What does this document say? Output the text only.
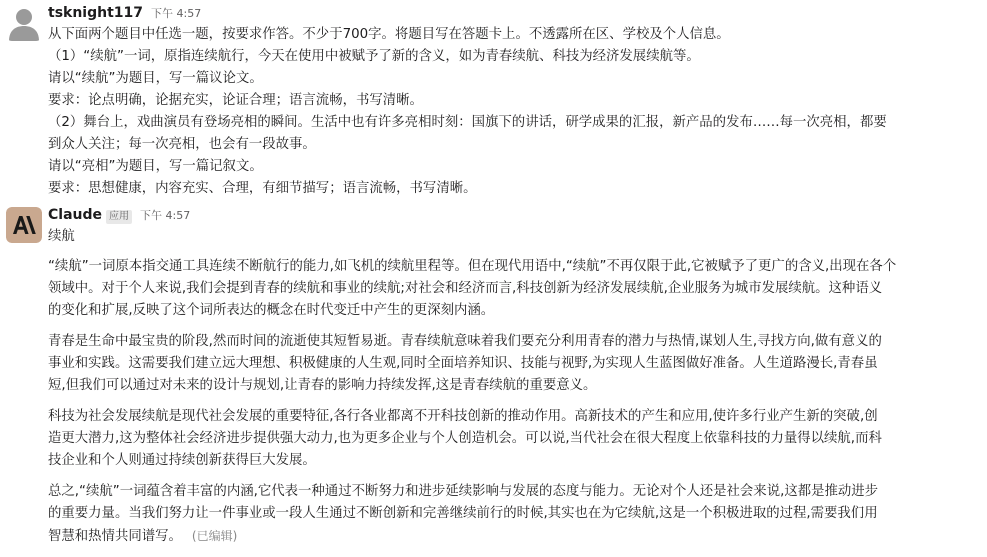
tsknight117 下午 4:57
从下面两个题目中任选一题，按要求作答。不少于700字。将题目写在答题卡上。不透露所在区、学校及个人信息。
（1）“续航”一词，原指连续航行，今天在使用中被赋予了新的含义，如为青春续航、科技为经济发展续航等。
请以“续航”为题目，写一篇议论文。
要求：论点明确，论据充实，论证合理；语言流畅，书写清晰。
（2）舞台上，戏曲演员有登场亮相的瞬间。生活中也有许多亮相时刻：国旗下的讲话，研学成果的汇报，新产品的发布……每一次亮相，都要
到众人关注；每一次亮相，也会有一段故事。
请以“亮相”为题目，写一篇记叙文。
要求：思想健康，内容充实、合理，有细节描写；语言流畅，书写清晰。
Claude 应用 下午 4:57
续航
“续航”一词原本指交通工具连续不断航行的能力,如飞机的续航里程等。但在现代用语中,“续航”不再仅限于此,它被赋予了更广的含义,出现在各个
领域中。对于个人来说,我们会提到青春的续航和事业的续航;对社会和经济而言,科技创新为经济发展续航,企业服务为城市发展续航。这种语义
的变化和扩展,反映了这个词所表达的概念在时代变迁中产生的更深刻内涵。
青春是生命中最宝贵的阶段,然而时间的流逝使其短暂易逝。青春续航意味着我们要充分利用青春的潜力与热情,谋划人生,寻找方向,做有意义的
事业和实践。这需要我们建立远大理想、积极健康的人生观,同时全面培养知识、技能与视野,为实现人生蓝图做好准备。人生道路漫长,青春虽
短,但我们可以通过对未来的设计与规划,让青春的影响力持续发挥,这是青春续航的重要意义。
科技为社会发展续航是现代社会发展的重要特征,各行各业都离不开科技创新的推动作用。高新技术的产生和应用,使许多行业产生新的突破,创
造更大潜力,这为整体社会经济进步提供强大动力,也为更多企业与个人创造机会。可以说,当代社会在很大程度上依靠科技的力量得以续航,而科
技企业和个人则通过持续创新获得巨大发展。
总之,“续航”一词蕴含着丰富的内涵,它代表一种通过不断努力和进步延续影响与发展的态度与能力。无论对个人还是社会来说,这都是推动进步
的重要力量。当我们努力让一件事业或一段人生通过不断创新和完善继续前行的时候,其实也在为它续航,这是一个积极进取的过程,需要我们用
智慧和热情共同谱写。 (已编辑)
